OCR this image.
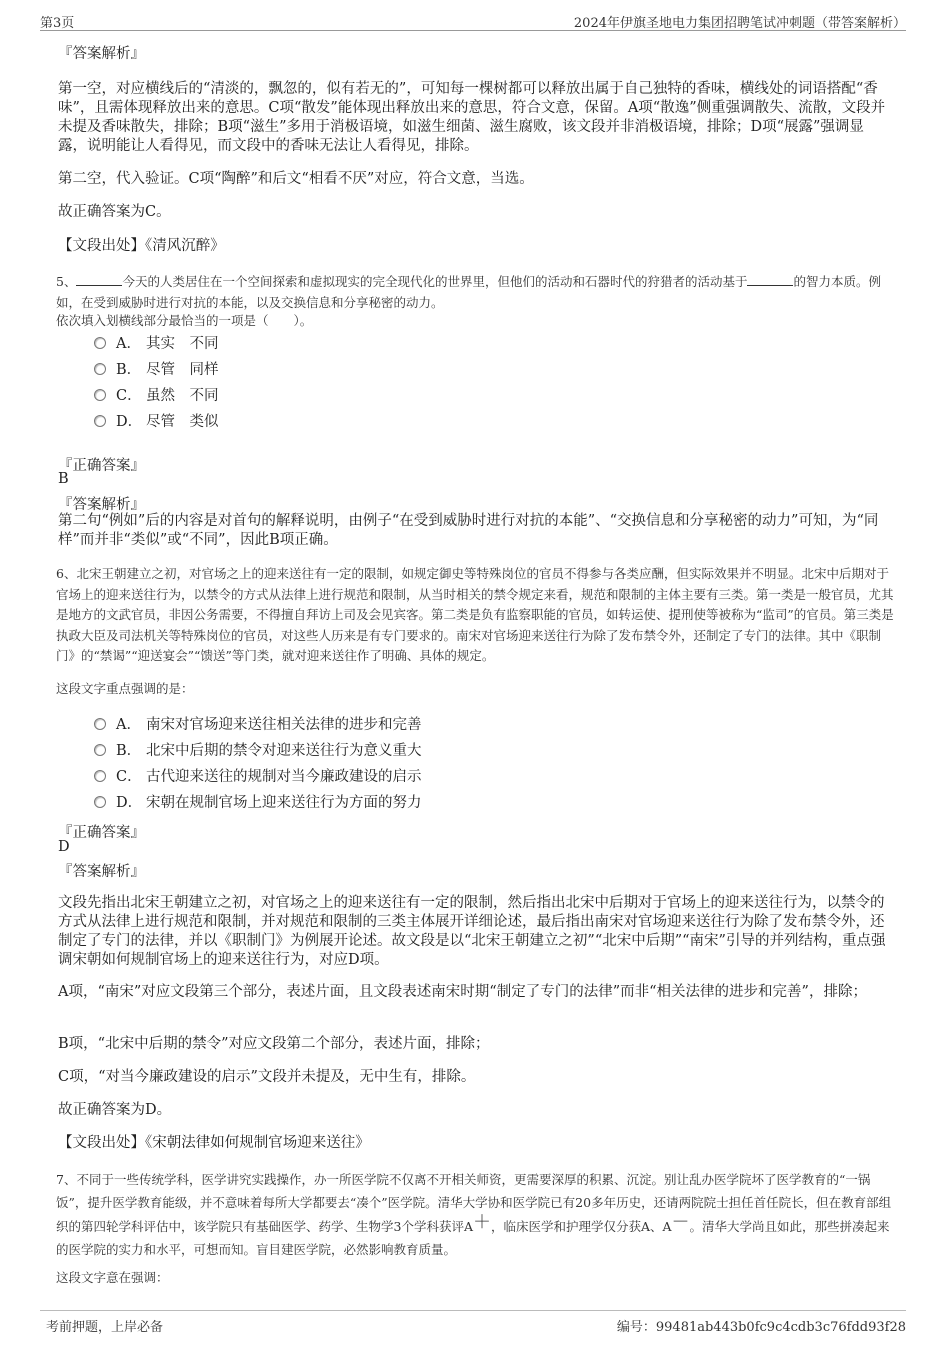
第3页	2024年伊旗圣地电力集团招聘笔试冲刺题（带答案解析）
『答案解析』
第一空，对应横线后的“清淡的，飘忽的，似有若无的”，可知每一棵树都可以释放出属于自己独特的香味，横线处的词语搭配“香味”，且需体现释放出来的意思。C项“散发”能体现出释放出来的意思，符合文意，保留。A项“散逸”侧重强调散失、流散，文段并未提及香味散失，排除；B项“滋生”多用于消极语境，如滋生细菌、滋生腐败，该文段并非消极语境，排除；D项“展露”强调显露，说明能让人看得见，而文段中的香味无法让人看得见，排除。
第二空，代入验证。C项“陶醉”和后文“相看不厌”对应，符合文意，当选。
故正确答案为C。
【文段出处】《清风沉醉》
5、	今天的人类居住在一个空间探索和虚拟现实的完全现代化的世界里，但他们的活动和石器时代的狩猎者的活动基于	的智力本质。例如，在受到威胁时进行对抗的本能，以及交换信息和分享秘密的动力。
依次填入划横线部分最恰当的一项是（　　）。
A． 其实　不同
B． 尽管　同样
C． 虽然　不同
D． 尽管　类似
『正确答案』
B
『答案解析』
第二句“例如”后的内容是对首句的解释说明，由例子“在受到威胁时进行对抗的本能”、“交换信息和分享秘密的动力”可知，为“同样”而并非“类似”或“不同”，因此B项正确。
6、北宋王朝建立之初，对官场之上的迎来送往有一定的限制，如规定御史等特殊岗位的官员不得参与各类应酬，但实际效果并不明显。北宋中后期对于官场上的迎来送往行为，以禁令的方式从法律上进行规范和限制，从当时相关的禁令规定来看，规范和限制的主体主要有三类。第一类是一般官员，尤其是地方的文武官员，非因公务需要，不得擅自拜访上司及会见宾客。第二类是负有监察职能的官员，如转运使、提刑使等被称为“监司”的官员。第三类是执政大臣及司法机关等特殊岗位的官员，对这些人历来是有专门要求的。南宋对官场迎来送往行为除了发布禁令外，还制定了专门的法律。其中《职制门》的“禁谒”“迎送宴会”“馈送”等门类，就对迎来送往作了明确、具体的规定。
这段文字重点强调的是：
A． 南宋对官场迎来送往相关法律的进步和完善
B． 北宋中后期的禁令对迎来送往行为意义重大
C． 古代迎来送往的规制对当今廉政建设的启示
D． 宋朝在规制官场上迎来送往行为方面的努力
『正确答案』
D
『答案解析』
文段先指出北宋王朝建立之初，对官场之上的迎来送往有一定的限制，然后指出北宋中后期对于官场上的迎来送往行为，以禁令的方式从法律上进行规范和限制，并对规范和限制的三类主体展开详细论述，最后指出南宋对官场迎来送往行为除了发布禁令外，还制定了专门的法律，并以《职制门》为例展开论述。故文段是以“北宋王朝建立之初”“北宋中后期”“南宋”引导的并列结构，重点强调宋朝如何规制官场上的迎来送往行为，对应D项。
A项，“南宋”对应文段第三个部分，表述片面，且文段表述南宋时期“制定了专门的法律”而非“相关法律的进步和完善”，排除；
B项，“北宋中后期的禁令”对应文段第二个部分，表述片面，排除；
C项，“对当今廉政建设的启示”文段并未提及，无中生有，排除。
故正确答案为D。
【文段出处】《宋朝法律如何规制官场迎来送往》
7、不同于一些传统学科，医学讲究实践操作，办一所医学院不仅离不开相关师资，更需要深厚的积累、沉淀。别让乱办医学院坏了医学教育的“一锅饭”，提升医学教育能级，并不意味着每所大学都要去“凑个”医学院。清华大学协和医学院已有20多年历史，还请两院院士担任首任院长，但在教育部组织的第四轮学科评估中，该学院只有基础医学、药学、生物学3个学科获评A＋，临床医学和护理学仅分获A、A－。清华大学尚且如此，那些拼凑起来的医学院的实力和水平，可想而知。盲目建医学院，必然影响教育质量。
这段文字意在强调：
考前押题，上岸必备	编号：99481ab443b0fc9c4cdb3c76fdd93f28
